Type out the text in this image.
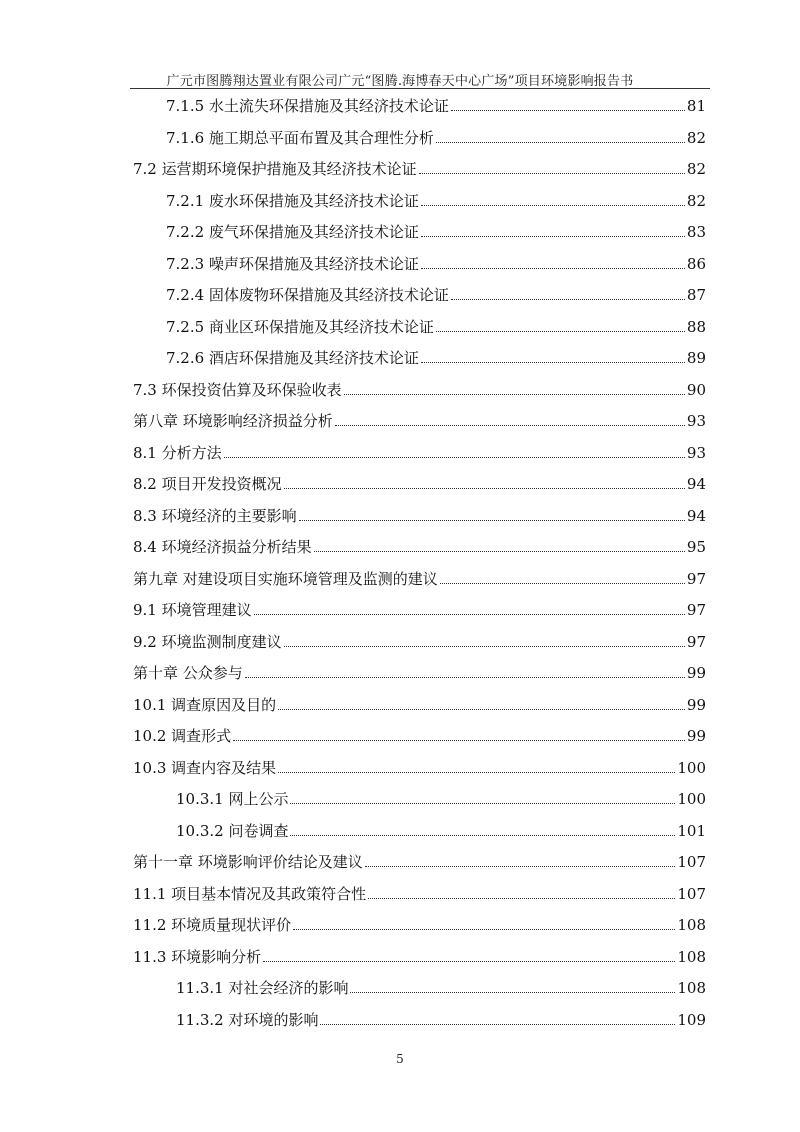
广元市图腾翔达置业有限公司广元“图腾.海博春天中心广场”项目环境影响报告书
7.1.5 水土流失环保措施及其经济技术论证	81
7.1.6 施工期总平面布置及其合理性分析	82
7.2 运营期环境保护措施及其经济技术论证	82
7.2.1 废水环保措施及其经济技术论证	82
7.2.2 废气环保措施及其经济技术论证	83
7.2.3 噪声环保措施及其经济技术论证	86
7.2.4 固体废物环保措施及其经济技术论证	87
7.2.5 商业区环保措施及其经济技术论证	88
7.2.6 酒店环保措施及其经济技术论证	89
7.3 环保投资估算及环保验收表	90
第八章 环境影响经济损益分析	93
8.1 分析方法	93
8.2 项目开发投资概况	94
8.3 环境经济的主要影响	94
8.4 环境经济损益分析结果	95
第九章 对建设项目实施环境管理及监测的建议	97
9.1 环境管理建议	97
9.2 环境监测制度建议	97
第十章 公众参与	99
10.1 调查原因及目的	99
10.2 调查形式	99
10.3 调查内容及结果	100
10.3.1 网上公示	100
10.3.2 问卷调查	101
第十一章 环境影响评价结论及建议	107
11.1 项目基本情况及其政策符合性	107
11.2 环境质量现状评价	108
11.3 环境影响分析	108
11.3.1 对社会经济的影响	108
11.3.2 对环境的影响	109
5
